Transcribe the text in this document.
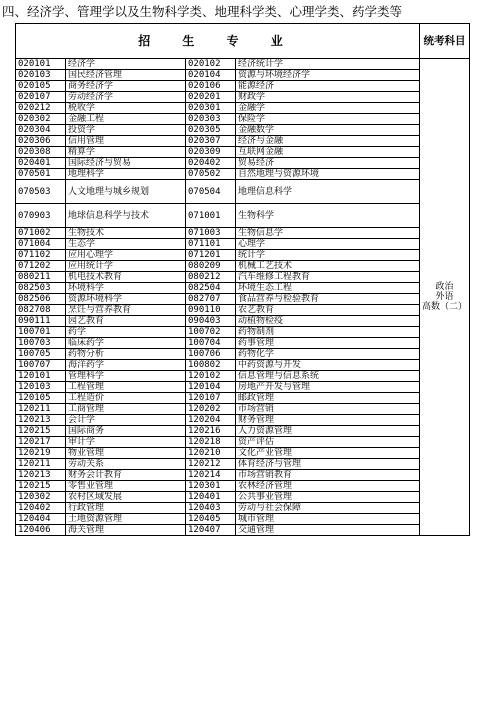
四、经济学、管理学以及生物科学类、地理科学类、心理学类、药学类等
招 生 专 业				统考科目
020101	经济学	020102	经济统计学	政治
外语
高数（二）

020103	国民经济管理	020104	资源与环境经济学	
020105	商务经济学	020106	能源经济	
020107	劳动经济学	020201	财政学	
020212	税收学	020301	金融学	
020302	金融工程	020303	保险学	
020304	投资学	020305	金融数学	
020306	信用管理	020307	经济与金融	
020308	精算学	020309	互联网金融	
020401	国际经济与贸易	020402	贸易经济	
070501	地理科学	070502	自然地理与资源环境	
070503	人文地理与城乡规划	070504	地理信息科学	
070903	地球信息科学与技术	071001	生物科学	
071002	生物技术	071003	生物信息学	
071004	生态学	071101	心理学	
071102	应用心理学	071201	统计学	
071202	应用统计学	080209	机械工艺技术	
080211	机电技术教育	080212	汽车维修工程教育	
082503	环境科学	082504	环境生态工程	
082506	资源环境科学	082707	食品营养与检验教育	
082708	烹饪与营养教育	090110	农艺教育	
090111	园艺教育	090403	动植物检疫	
100701	药学	100702	药物制剂	
100703	临床药学	100704	药事管理	
100705	药物分析	100706	药物化学	
100707	海洋药学	100802	中药资源与开发	
120101	管理科学	120102	信息管理与信息系统	
120103	工程管理	120104	房地产开发与管理	
120105	工程造价	120107	邮政管理	
120211	工商管理	120202	市场营销	
120213	会计学	120204	财务管理	
120215	国际商务	120216	人力资源管理	
120217	审计学	120218	资产评估	
120219	物业管理	120210	文化产业管理	
120211	劳动关系	120212	体育经济与管理	
120213	财务会计教育	120214	市场营销教育	
120215	零售业管理	120301	农林经济管理	
120302	农村区域发展	120401	公共事业管理	
120402	行政管理	120403	劳动与社会保障	
120404	土地资源管理	120405	城市管理	
120406	海关管理	120407	交通管理	
